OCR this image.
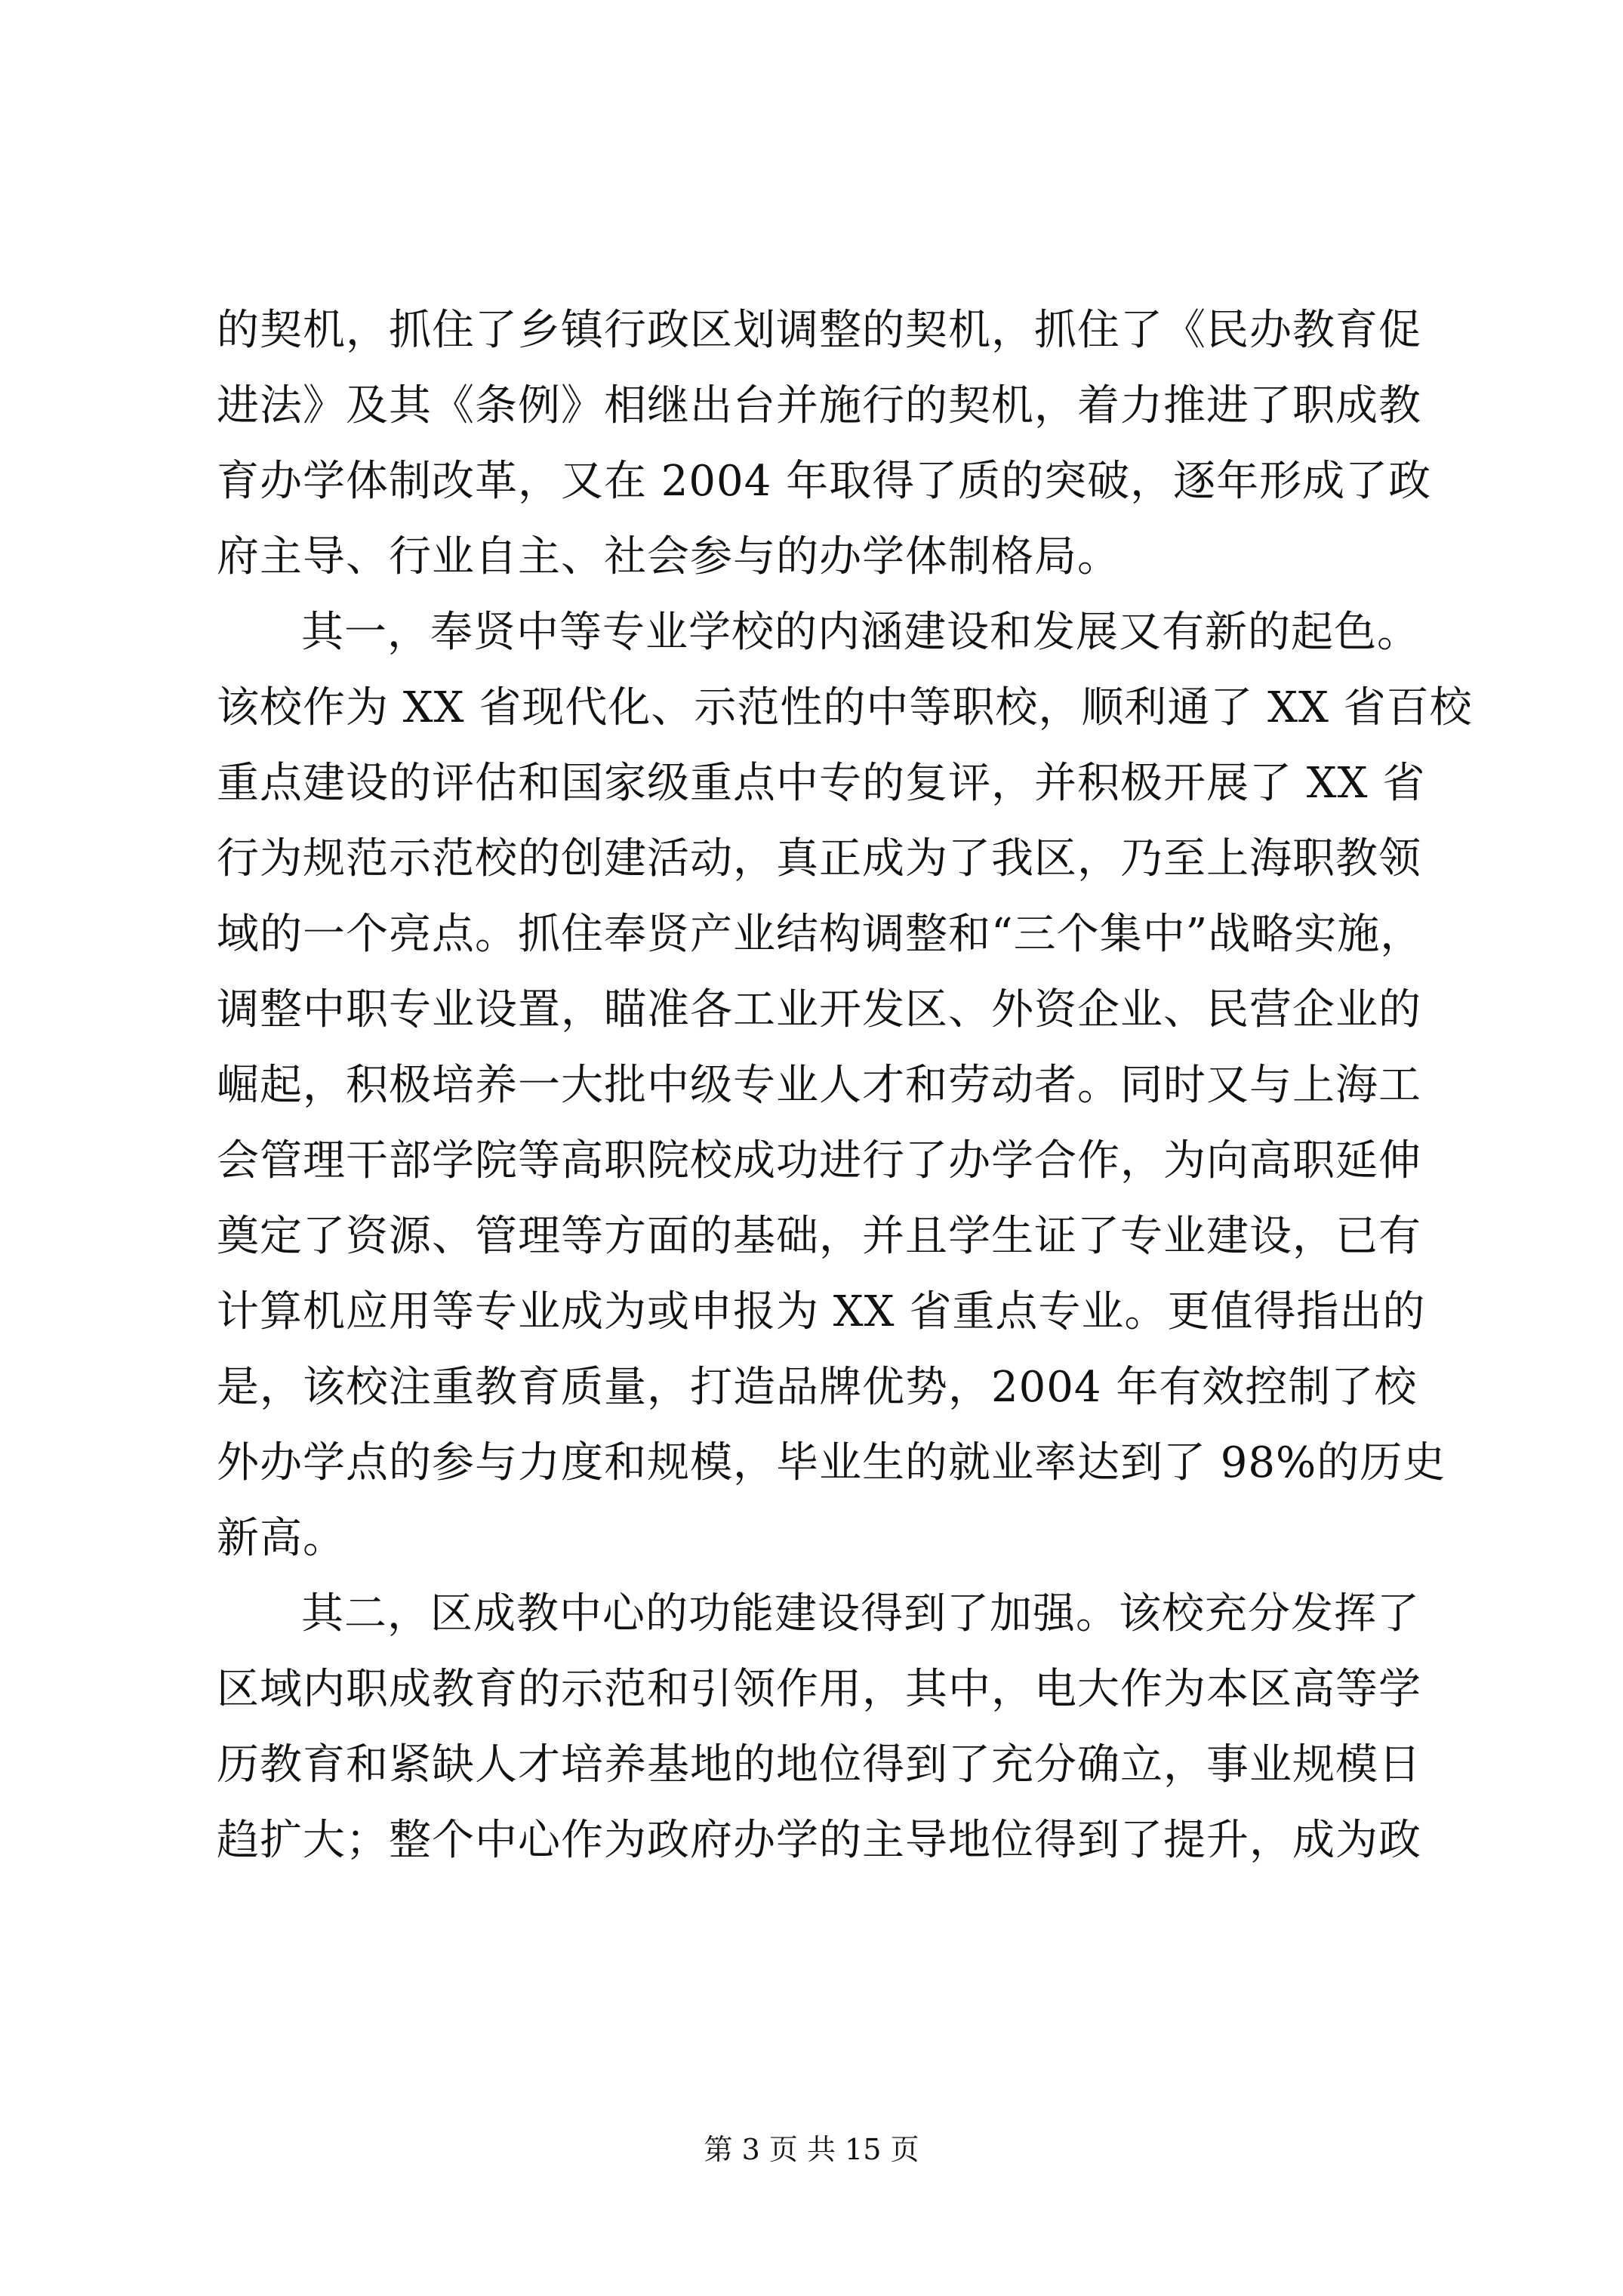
的契机，抓住了乡镇行政区划调整的契机，抓住了《民办教育促
进法》及其《条例》相继出台并施行的契机，着力推进了职成教
育办学体制改革，又在 2004 年取得了质的突破，逐年形成了政
府主导、行业自主、社会参与的办学体制格局。
其一，奉贤中等专业学校的内涵建设和发展又有新的起色。
该校作为 XX 省现代化、示范性的中等职校，顺利通了 XX 省百校
重点建设的评估和国家级重点中专的复评，并积极开展了 XX 省
行为规范示范校的创建活动，真正成为了我区，乃至上海职教领
域的一个亮点。抓住奉贤产业结构调整和“三个集中”战略实施，
调整中职专业设置，瞄准各工业开发区、外资企业、民营企业的
崛起，积极培养一大批中级专业人才和劳动者。同时又与上海工
会管理干部学院等高职院校成功进行了办学合作，为向高职延伸
奠定了资源、管理等方面的基础，并且学生证了专业建设，已有
计算机应用等专业成为或申报为 XX 省重点专业。更值得指出的
是，该校注重教育质量，打造品牌优势，2004 年有效控制了校
外办学点的参与力度和规模，毕业生的就业率达到了 98%的历史
新高。
其二，区成教中心的功能建设得到了加强。该校充分发挥了
区域内职成教育的示范和引领作用，其中，电大作为本区高等学
历教育和紧缺人才培养基地的地位得到了充分确立，事业规模日
趋扩大；整个中心作为政府办学的主导地位得到了提升，成为政
第 3 页 共 15 页
